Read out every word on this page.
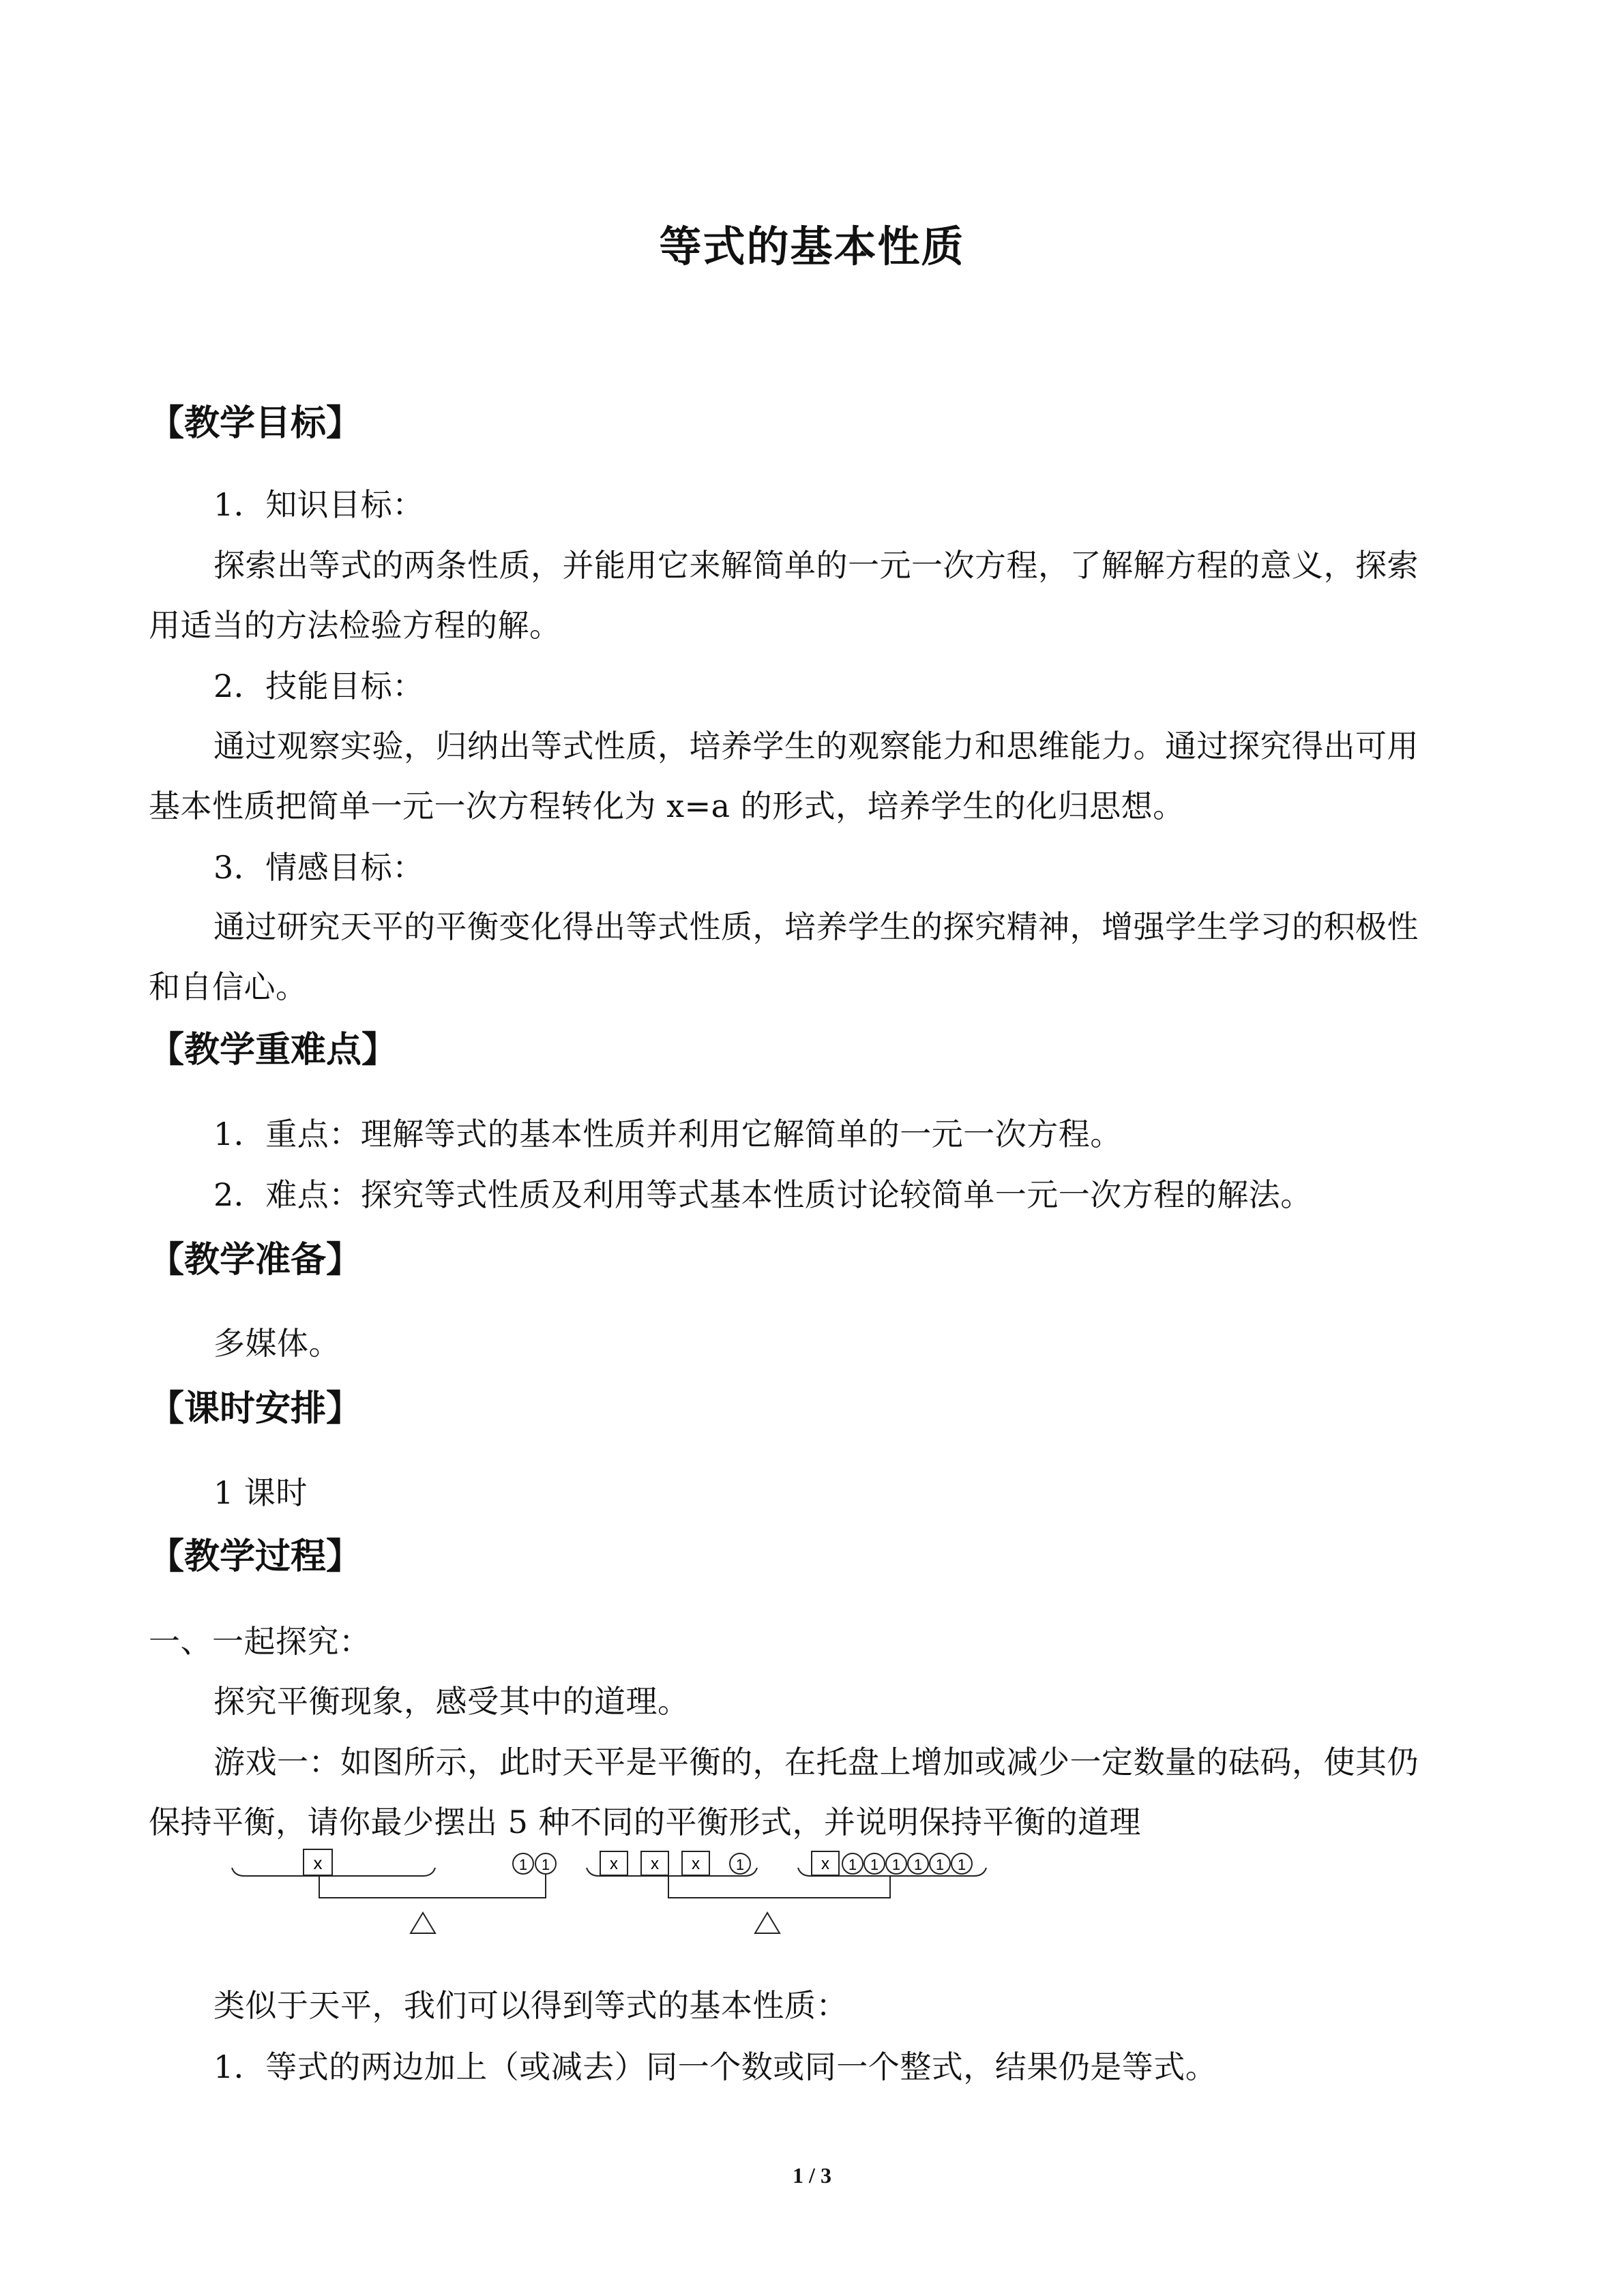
等式的基本性质
【教学目标】
1．知识目标：
探索出等式的两条性质，并能用它来解简单的一元一次方程，了解解方程的意义，探索
用适当的方法检验方程的解。
2．技能目标：
通过观察实验，归纳出等式性质，培养学生的观察能力和思维能力。通过探究得出可用
基本性质把简单一元一次方程转化为 x=a 的形式，培养学生的化归思想。
3．情感目标：
通过研究天平的平衡变化得出等式性质，培养学生的探究精神，增强学生学习的积极性
和自信心。
【教学重难点】
1．重点：理解等式的基本性质并利用它解简单的一元一次方程。
2．难点：探究等式性质及利用等式基本性质讨论较简单一元一次方程的解法。
【教学准备】
多媒体。
【课时安排】
1 课时
【教学过程】
一、一起探究：
探究平衡现象，感受其中的道理。
游戏一：如图所示，此时天平是平衡的，在托盘上增加或减少一定数量的砝码，使其仍
保持平衡，请你最少摆出 5 种不同的平衡形式，并说明保持平衡的道理
x	1 1	x x x 1	x 1 1 1 1 1 1
类似于天平，我们可以得到等式的基本性质：
1．等式的两边加上（或减去）同一个数或同一个整式，结果仍是等式。
1 / 3
